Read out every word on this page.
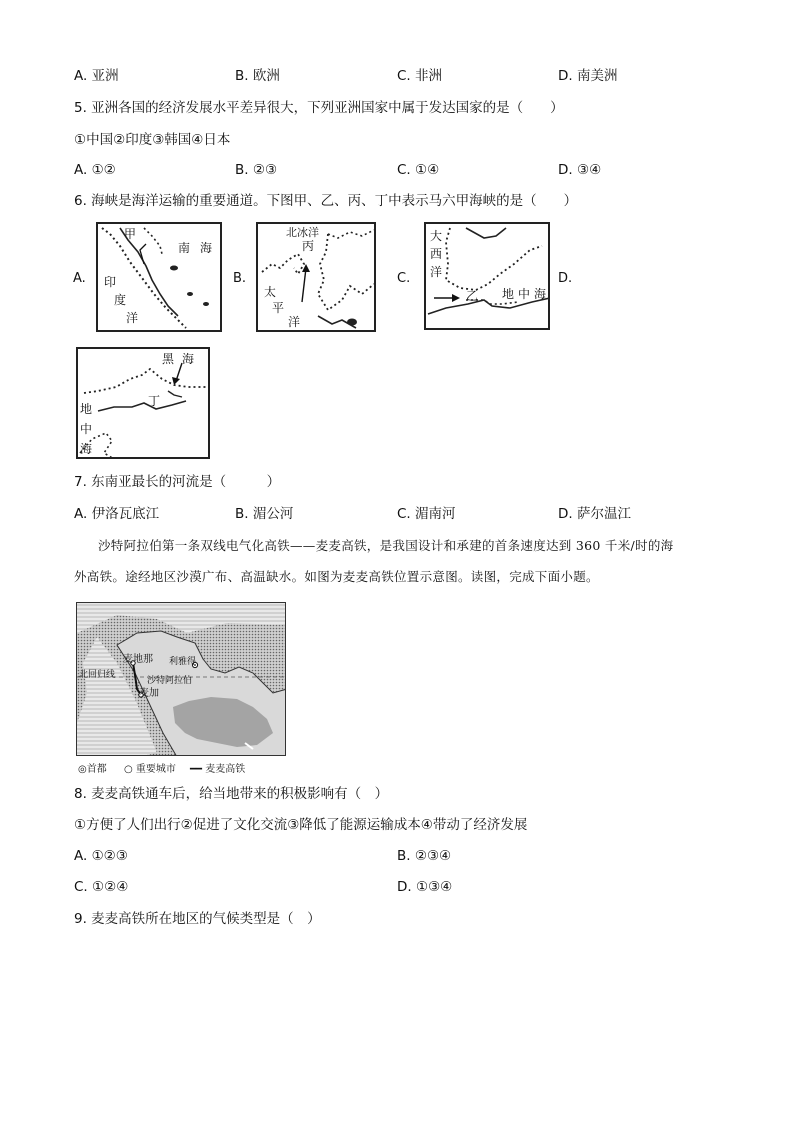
A. 亚洲	B. 欧洲	C. 非洲	D. 南美洲
5. 亚洲各国的经济发展水平差异很大，下列亚洲国家中属于发达国家的是（　　）
①中国②印度③韩国④日本
A. ①②	B. ②③	C. ①④	D. ③④
6. 海峡是海洋运输的重要通道。下图甲、乙、丙、丁中表示马六甲海峡的是（　　）
A.	B.	C.	D.
甲
南 海
印
度
洋
北冰洋
丙
太
平
洋
大
西
洋
乙 地 中 海
黑 海
丁
地
中
海
7. 东南亚最长的河流是（　　　）
A. 伊洛瓦底江	B. 湄公河	C. 湄南河	D. 萨尔温江
沙特阿拉伯第一条双线电气化高铁——麦麦高铁，是我国设计和承建的首条速度达到 360 千米/时的海
外高铁。途经地区沙漠广布、高温缺水。如图为麦麦高铁位置示意图。读图，完成下面小题。
麦地那 利雅得
北回归线
沙特阿拉伯
麦加
◎首都 ○ 重要城市 ━━ 麦麦高铁
8. 麦麦高铁通车后，给当地带来的积极影响有（　）
①方便了人们出行②促进了文化交流③降低了能源运输成本④带动了经济发展
A. ①②③	B. ②③④
C. ①②④	D. ①③④
9. 麦麦高铁所在地区的气候类型是（　）
